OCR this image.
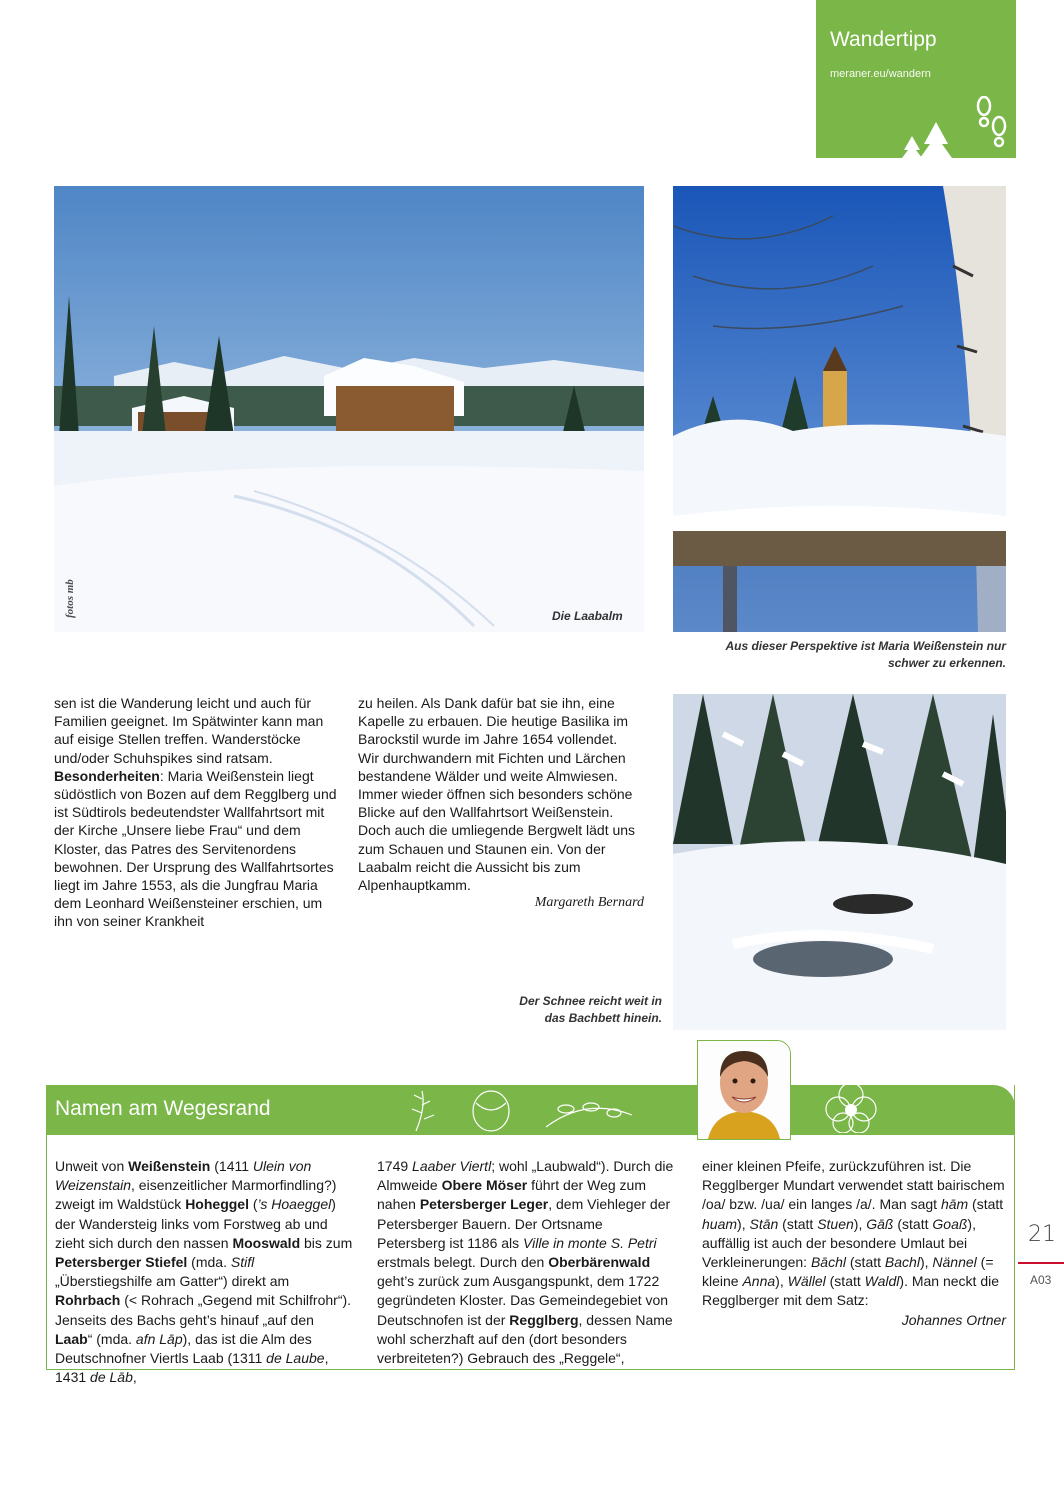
Wandertipp
meraner.eu/wandern
fotos mb	Die Laabalm
Aus dieser Perspektive ist Maria Weißenstein nur
schwer zu erkennen.

sen ist die Wanderung leicht und auch für Familien geeignet. Im Spätwinter kann man auf eisige Stellen treffen. Wanderstöcke und/oder Schuhspikes sind ratsam.
Besonderheiten: Maria Weißenstein liegt südöstlich von Bozen auf dem Regglberg und ist Südtirols bedeutendster Wallfahrtsort mit der Kirche „Unsere liebe Frau“ und dem Kloster, das Patres des Servitenordens bewohnen. Der Ursprung des Wallfahrtsortes liegt im Jahre 1553, als die Jungfrau Maria dem Leonhard Weißensteiner erschien, um ihn von seiner Krankheit

zu heilen. Als Dank dafür bat sie ihn, eine Kapelle zu erbauen. Die heutige Basilika im Barockstil wurde im Jahre 1654 vollendet.

Wir durchwandern mit Fichten und Lärchen bestandene Wälder und weite Almwiesen. Immer wieder öffnen sich besonders schöne Blicke auf den Wallfahrtsort Weißenstein. Doch auch die umliegende Bergwelt lädt uns zum Schauen und Staunen ein. Von der Laabalm reicht die Aussicht bis zum Alpenhauptkamm.

Margareth Bernard

Der Schnee reicht weit in
das Bachbett hinein.
Namen am Wegesrand

Unweit von Weißenstein (1411 Ulein von Weizenstain, eisenzeitlicher Marmorfindling?) zweigt im Waldstück Hoheggel (’s Hoaeggel) der Wandersteig links vom Forstweg ab und zieht sich durch den nassen Mooswald bis zum Petersberger Stiefel (mda. Stifl „Überstiegshilfe am Gatter“) direkt am Rohrbach (< Rohrach „Gegend mit Schilfrohr“). Jenseits des Bachs geht’s hinauf „auf den Laab“ (mda. afn Lāp), das ist die Alm des Deutschnofner Viertls Laab (1311 de Laube, 1431 de Lāb,

1749 Laaber Viertl; wohl „Laubwald“). Durch die Almweide Obere Möser führt der Weg zum nahen Petersberger Leger, dem Viehleger der Petersberger Bauern. Der Ortsname Petersberg ist 1186 als Ville in monte S. Petri erstmals belegt. Durch den Oberbärenwald geht’s zurück zum Ausgangspunkt, dem 1722 gegründeten Kloster. Das Gemeindegebiet von Deutschnofen ist der Regglberg, dessen Name wohl scherzhaft auf den (dort besonders verbreiteten?) Gebrauch des „Reggele“,

einer kleinen Pfeife, zurückzuführen ist. Die Regglberger Mundart verwendet statt bairischem /oa/ bzw. /ua/ ein langes /a/. Man sagt hām (statt huam), Stān (statt Stuen), Gāß (statt Goaß), auffällig ist auch der besondere Umlaut bei Verkleinerungen: Bāchl (statt Bachl), Nännel (= kleine Anna), Wällel (statt Waldl). Man neckt die Regglberger mit dem Satz:

Johannes Ortner

21
A03
